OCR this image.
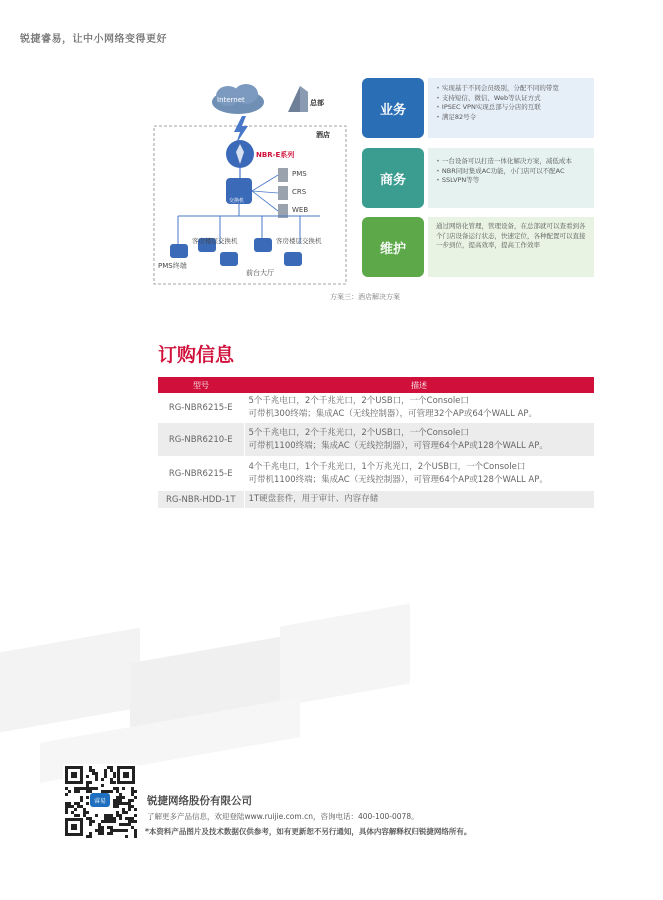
锐捷睿易，让中小网络变得更好
Internet	总部
酒店
NBR-E系列
交换机
PMS
CRS
WEB
PMS终端
客房楼层交换机	客房楼层交换机
前台大厅
业务
• 实现基于不同会员级别，分配不同的带宽
• 支持短信、微信、Web等认证方式
• IPSEC VPN实现总部与分店的互联
• 满足82号令
商务
• 一台设备可以打造一体化解决方案，减低成本
• NBR同时集成AC功能，小门店可以不配AC
• SSLVPN等等
维护

通过网络化管理，管理设备，在总部就可以查看到各个门店设备运行状态，快速定位，各种配置可以直接一步到位，提高效率，提高工作效率

方案三：酒店解决方案
订购信息
型号	描述
RG-NBR6215-E	5个千兆电口，2个千兆光口，2个USB口，一个Console口
可带机300终端；集成AC（无线控制器），可管理32个AP或64个WALL AP。

RG-NBR6210-E	5个千兆电口，2个千兆光口，2个USB口，一个Console口
可带机1100终端；集成AC（无线控制器），可管理64个AP或128个WALL AP。

RG-NBR6215-E	4个千兆电口，1个千兆光口，1个万兆光口，2个USB口，一个Console口
可带机1100终端；集成AC（无线控制器），可管理64个AP或128个WALL AP。

RG-NBR-HDD-1T	1T硬盘套件，用于审计、内容存储
睿易	锐捷网络股份有限公司
了解更多产品信息，欢迎登陆www.ruijie.com.cn，咨询电话：400-100-0078。
*本资料产品图片及技术数据仅供参考，如有更新恕不另行通知，具体内容解释权归锐捷网络所有。
